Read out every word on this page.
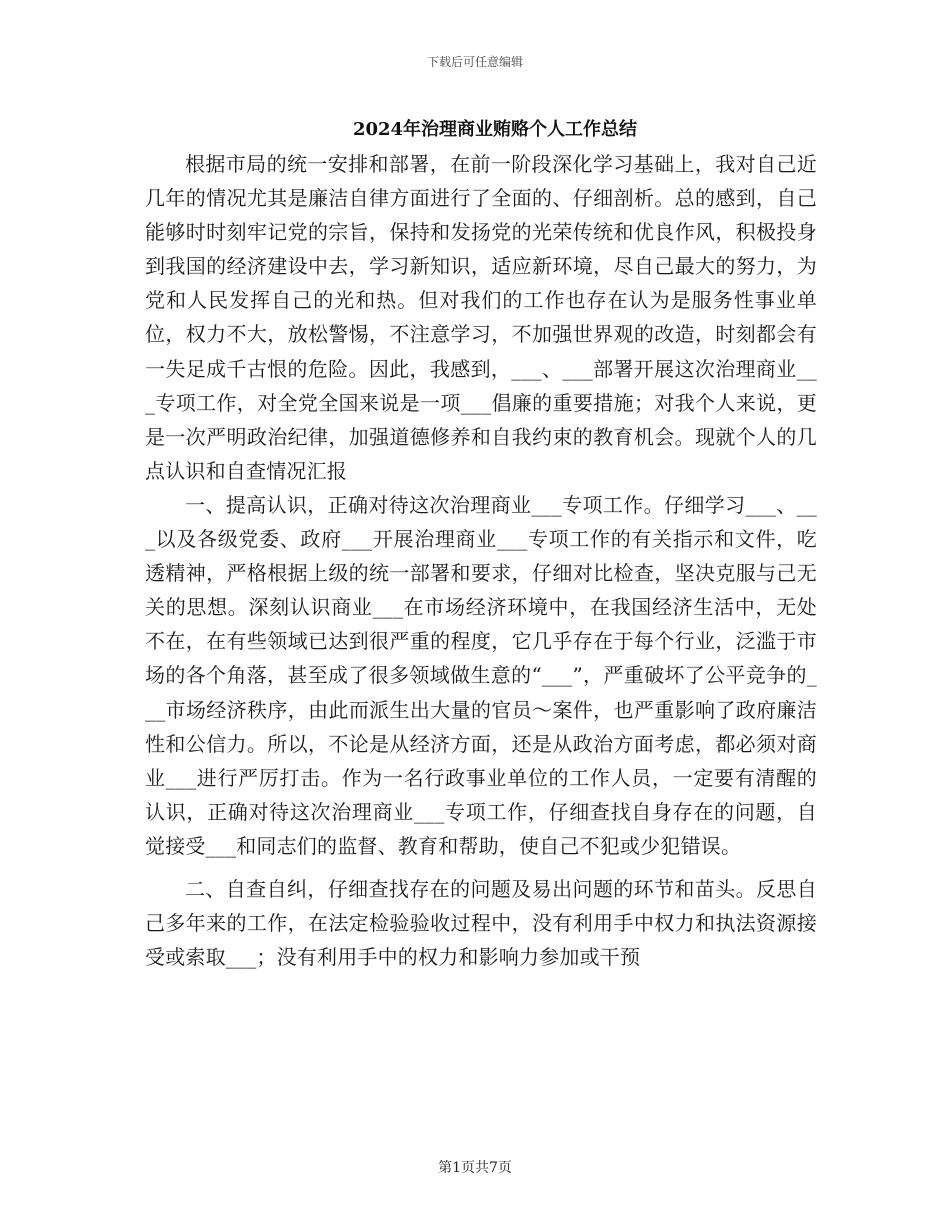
下载后可任意编辑
2024年治理商业贿赂个人工作总结

根据市局的统一安排和部署，在前一阶段深化学习基础上，我对自己近几年的情况尤其是廉洁自律方面进行了全面的、仔细剖析。总的感到，自己能够时时刻牢记党的宗旨，保持和发扬党的光荣传统和优良作风，积极投身到我国的经济建设中去，学习新知识，适应新环境，尽自己最大的努力，为党和人民发挥自己的光和热。但对我们的工作也存在认为是服务性事业单位，权力不大，放松警惕，不注意学习，不加强世界观的改造，时刻都会有一失足成千古恨的危险。因此，我感到，___、___部署开展这次治理商业___专项工作，对全党全国来说是一项___倡廉的重要措施；对我个人来说，更是一次严明政治纪律，加强道德修养和自我约束的教育机会。现就个人的几点认识和自查情况汇报

一、提高认识，正确对待这次治理商业___专项工作。仔细学习___、___以及各级党委、政府___开展治理商业___专项工作的有关指示和文件，吃透精神，严格根据上级的统一部署和要求，仔细对比检查，坚决克服与己无关的思想。深刻认识商业___在市场经济环境中，在我国经济生活中，无处不在，在有些领域已达到很严重的程度，它几乎存在于每个行业，泛滥于市场的各个角落，甚至成了很多领域做生意的“___”，严重破坏了公平竞争的___市场经济秩序，由此而派生出大量的官员～案件，也严重影响了政府廉洁性和公信力。所以，不论是从经济方面，还是从政治方面考虑，都必须对商业___进行严厉打击。作为一名行政事业单位的工作人员，一定要有清醒的认识，正确对待这次治理商业___专项工作，仔细查找自身存在的问题，自觉接受___和同志们的监督、教育和帮助，使自己不犯或少犯错误。

二、自查自纠，仔细查找存在的问题及易出问题的环节和苗头。反思自己多年来的工作，在法定检验验收过程中，没有利用手中权力和执法资源接受或索取___；没有利用手中的权力和影响力参加或干预

第1页共7页
